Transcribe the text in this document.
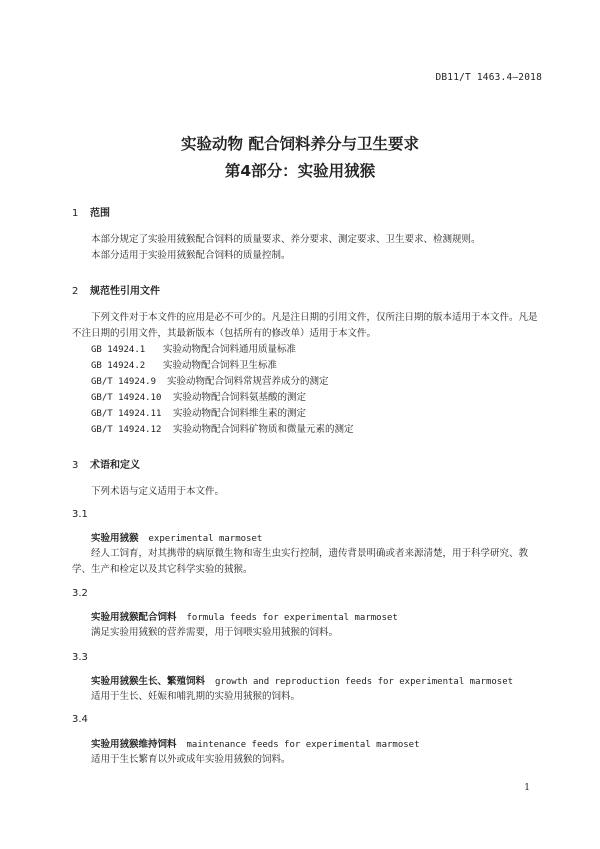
DB11/T 1463.4—2018
实验动物 配合饲料养分与卫生要求
第4部分：实验用狨猴
1 范围
本部分规定了实验用狨猴配合饲料的质量要求、养分要求、测定要求、卫生要求、检测规则。
本部分适用于实验用狨猴配合饲料的质量控制。
2 规范性引用文件
下列文件对于本文件的应用是必不可少的。凡是注日期的引用文件，仅所注日期的版本适用于本文件。凡是不注日期的引用文件，其最新版本（包括所有的修改单）适用于本文件。
GB 14924.1 实验动物配合饲料通用质量标准
GB 14924.2 实验动物配合饲料卫生标准
GB/T 14924.9 实验动物配合饲料常规营养成分的测定
GB/T 14924.10 实验动物配合饲料氨基酸的测定
GB/T 14924.11 实验动物配合饲料维生素的测定
GB/T 14924.12 实验动物配合饲料矿物质和微量元素的测定
3 术语和定义
下列术语与定义适用于本文件。
3.1
实验用狨猴 experimental marmoset
经人工饲育，对其携带的病原微生物和寄生虫实行控制，遗传背景明确或者来源清楚，用于科学研究、教学、生产和检定以及其它科学实验的狨猴。
3.2
实验用狨猴配合饲料 formula feeds for experimental marmoset
满足实验用狨猴的营养需要，用于饲喂实验用狨猴的饲料。
3.3
实验用狨猴生长、繁殖饲料 growth and reproduction feeds for experimental marmoset
适用于生长、妊娠和哺乳期的实验用狨猴的饲料。
3.4
实验用狨猴维持饲料 maintenance feeds for experimental marmoset
适用于生长繁育以外或成年实验用狨猴的饲料。
1
